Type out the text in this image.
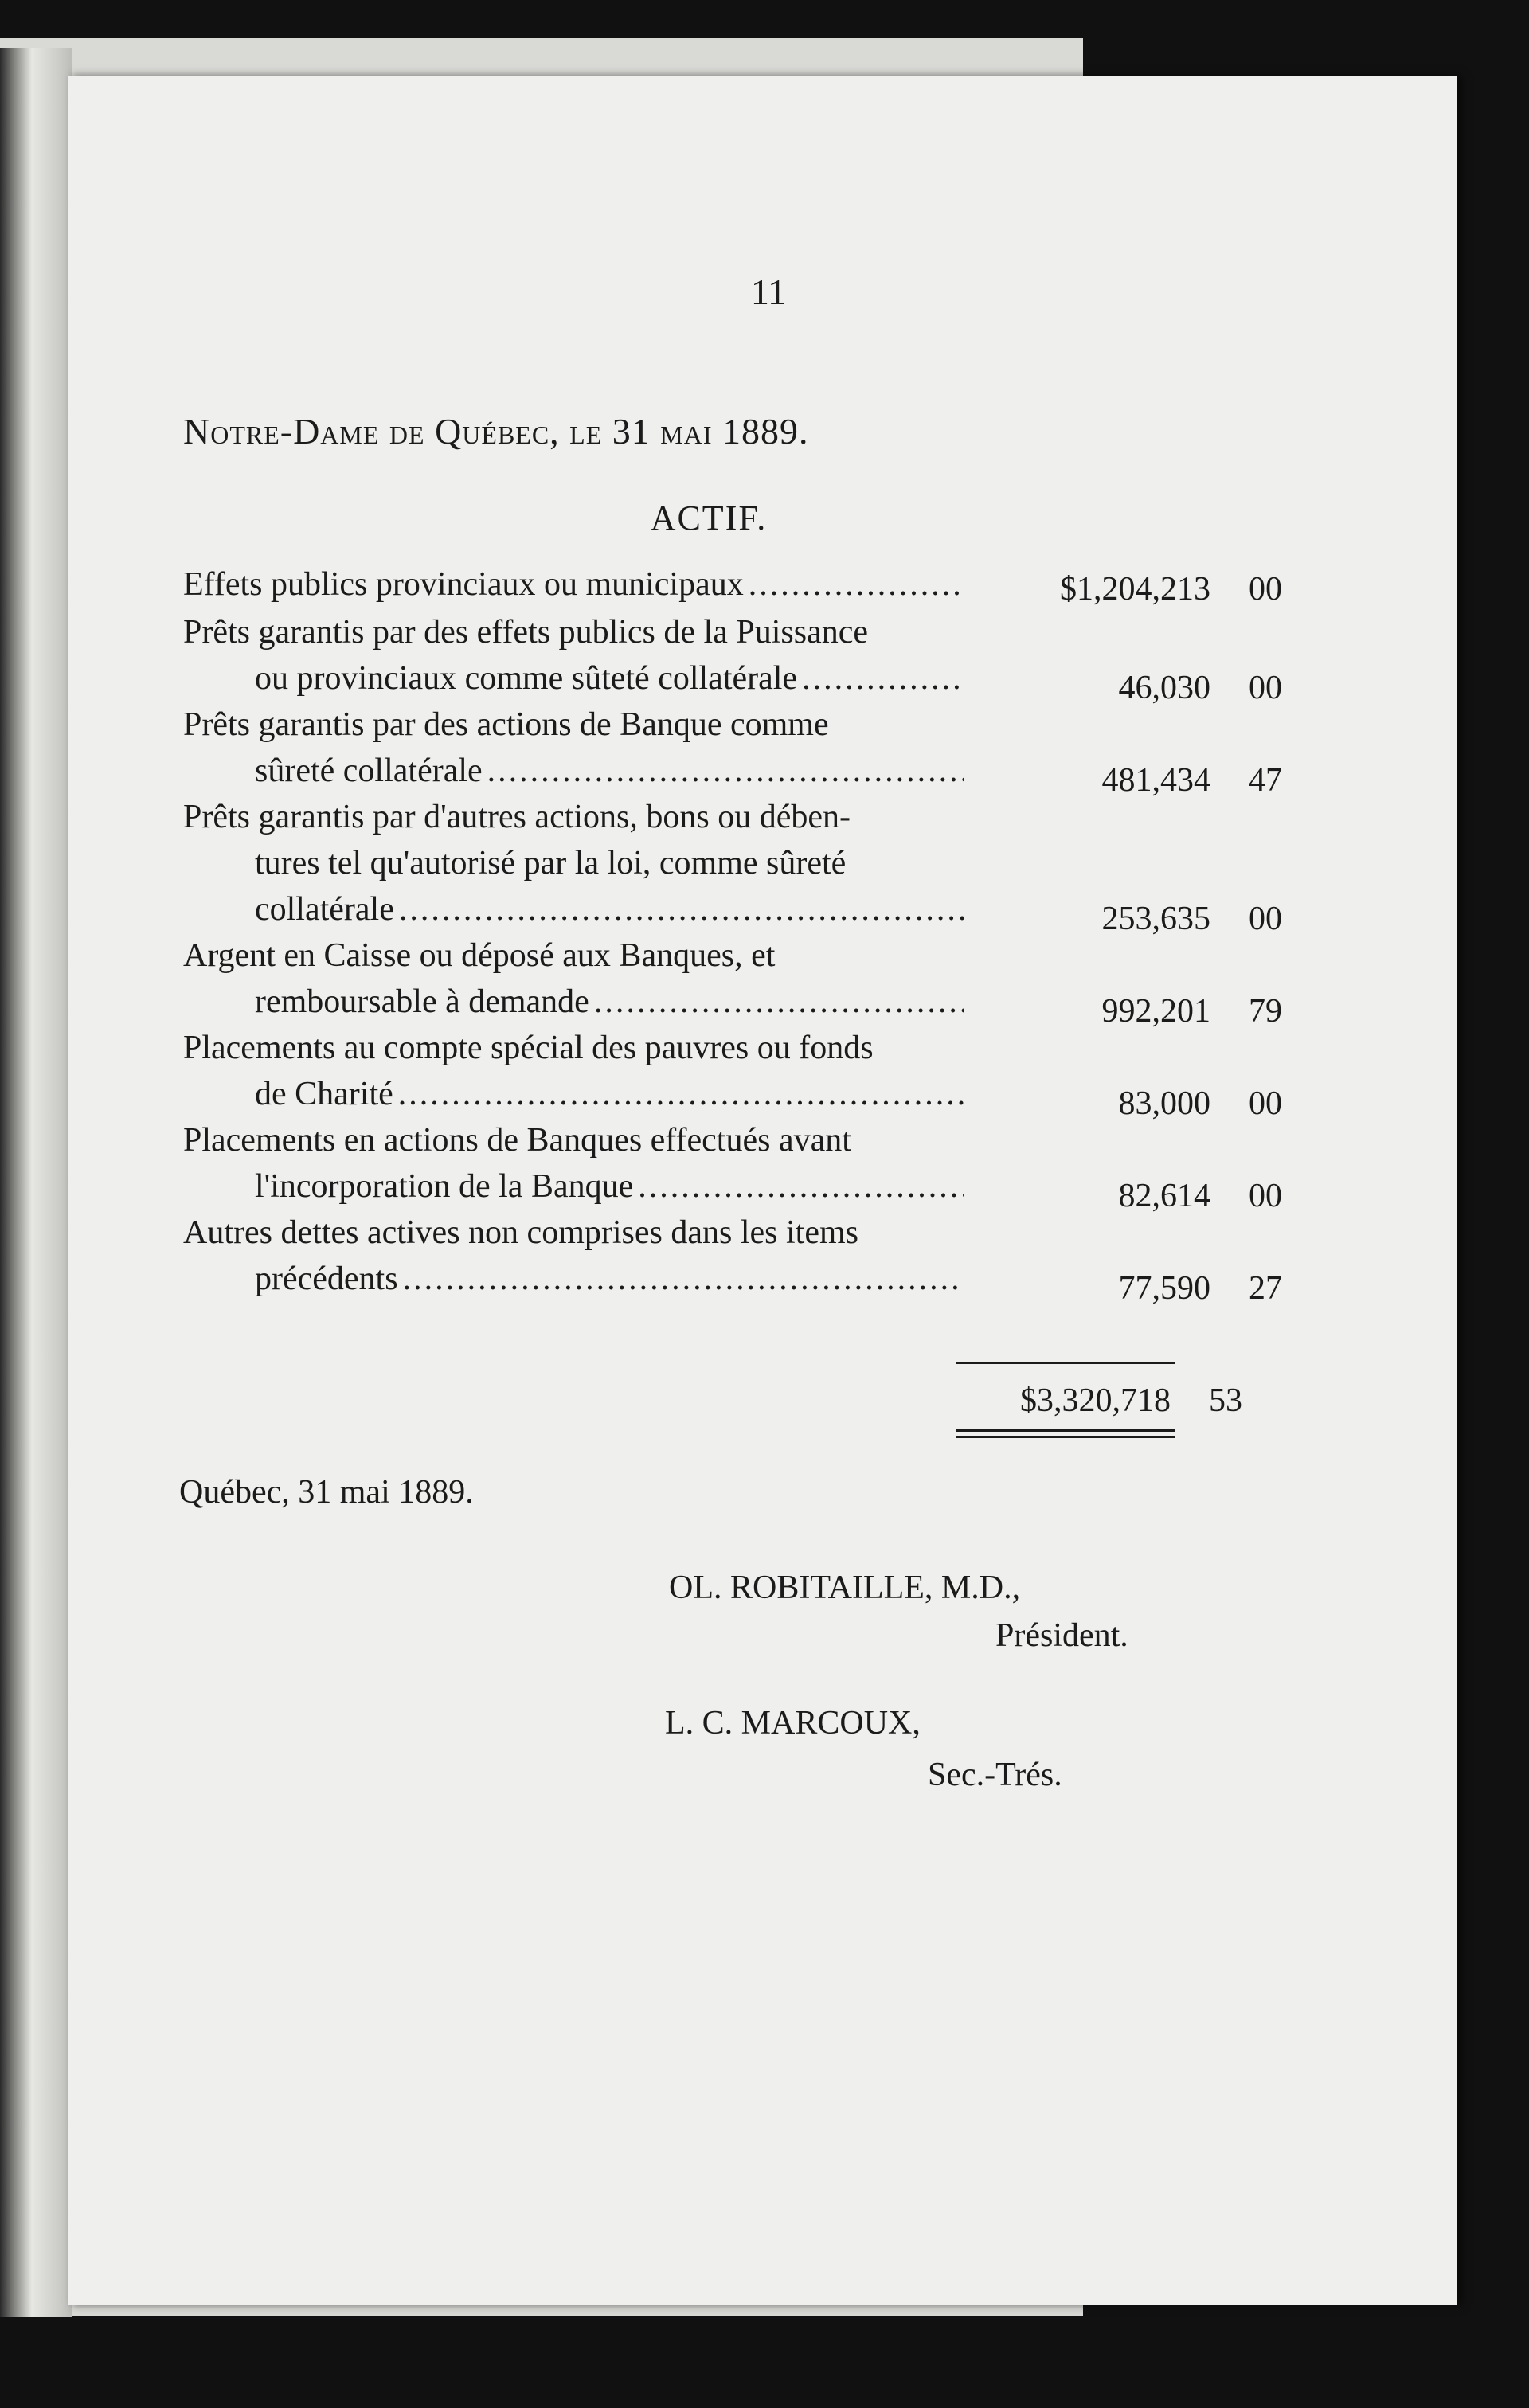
11
Notre-Dame de Québec, le 31 mai 1889.
ACTIF.
Effets publics provinciaux ou municipaux .....	$1,204,213	00
Prêts garantis par des effets publics de la Puissance
ou provinciaux comme sûteté collatérale .....	46,030	00
Prêts garantis par des actions de Banque comme
sûreté collatérale .....	481,434	47
Prêts garantis par d'autres actions, bons ou dében-
tures tel qu'autorisé par la loi, comme sûreté
collatérale .....	253,635	00
Argent en Caisse ou déposé aux Banques, et
remboursable à demande .....	992,201	79
Placements au compte spécial des pauvres ou fonds
de Charité .....	83,000	00
Placements en actions de Banques effectués avant
l'incorporation de la Banque .....	82,614	00
Autres dettes actives non comprises dans les items
précédents .....	77,590	27
$3,320,718	53
Québec, 31 mai 1889.
OL. ROBITAILLE, M.D.,
Président.
L. C. MARCOUX,
Sec.-Trés.
